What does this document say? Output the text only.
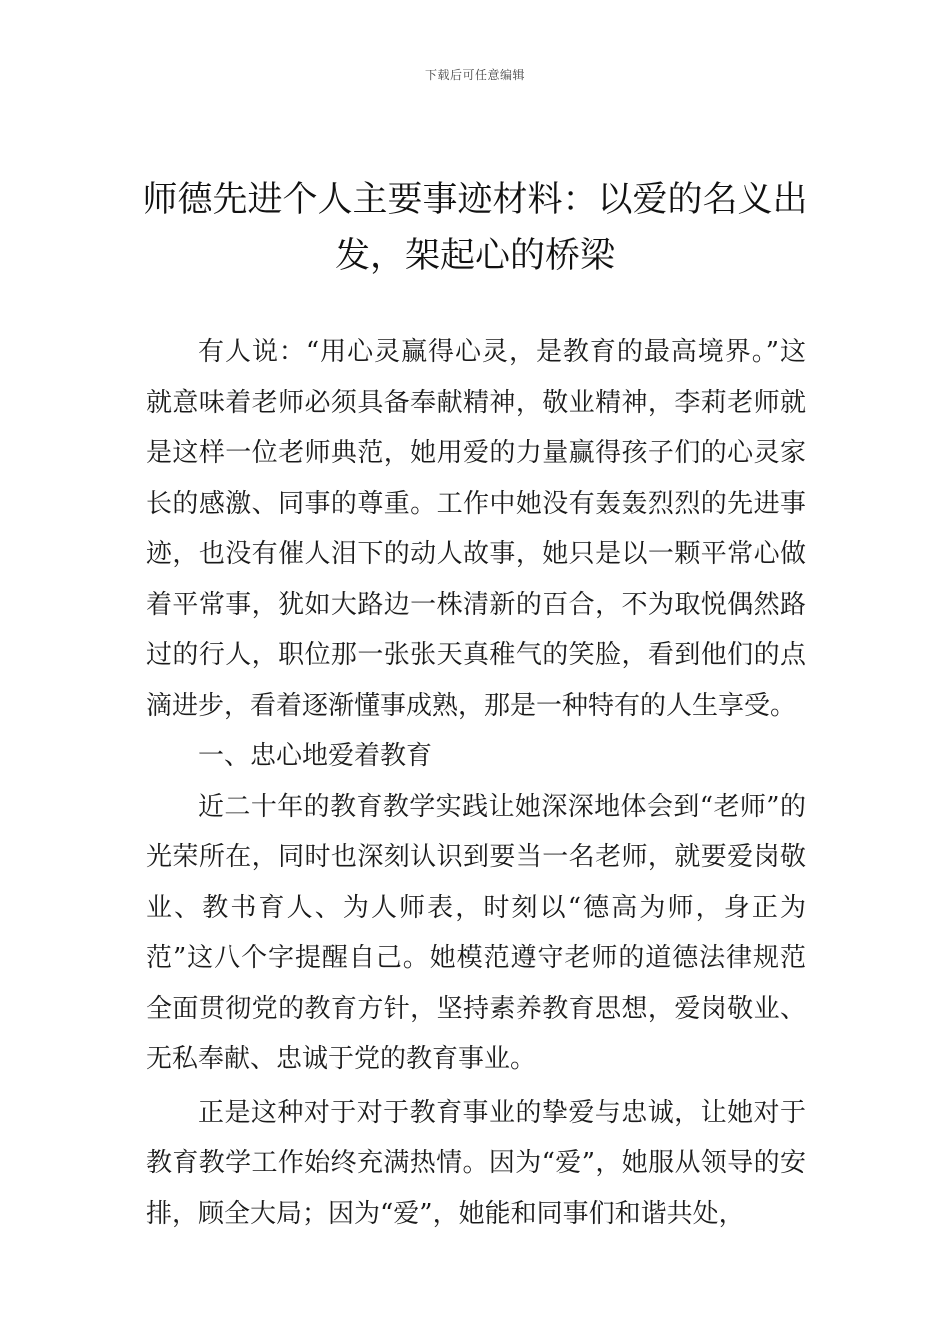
下载后可任意编辑
师德先进个人主要事迹材料：以爱的名义出发，架起心的桥梁

有人说：“用心灵赢得心灵，是教育的最高境界。”这就意味着老师必须具备奉献精神，敬业精神，李莉老师就是这样一位老师典范，她用爱的力量赢得孩子们的心灵家长的感激、同事的尊重。工作中她没有轰轰烈烈的先进事迹，也没有催人泪下的动人故事，她只是以一颗平常心做着平常事，犹如大路边一株清新的百合，不为取悦偶然路过的行人，职位那一张张天真稚气的笑脸，看到他们的点滴进步，看着逐渐懂事成熟，那是一种特有的人生享受。

一、忠心地爱着教育

近二十年的教育教学实践让她深深地体会到“老师”的光荣所在，同时也深刻认识到要当一名老师，就要爱岗敬业、教书育人、为人师表，时刻以“德高为师，身正为范”这八个字提醒自己。她模范遵守老师的道德法律规范全面贯彻党的教育方针，坚持素养教育思想，爱岗敬业、无私奉献、忠诚于党的教育事业。

正是这种对于对于教育事业的挚爱与忠诚，让她对于教育教学工作始终充满热情。因为“爱”，她服从领导的安排，顾全大局；因为“爱”，她能和同事们和谐共处，
